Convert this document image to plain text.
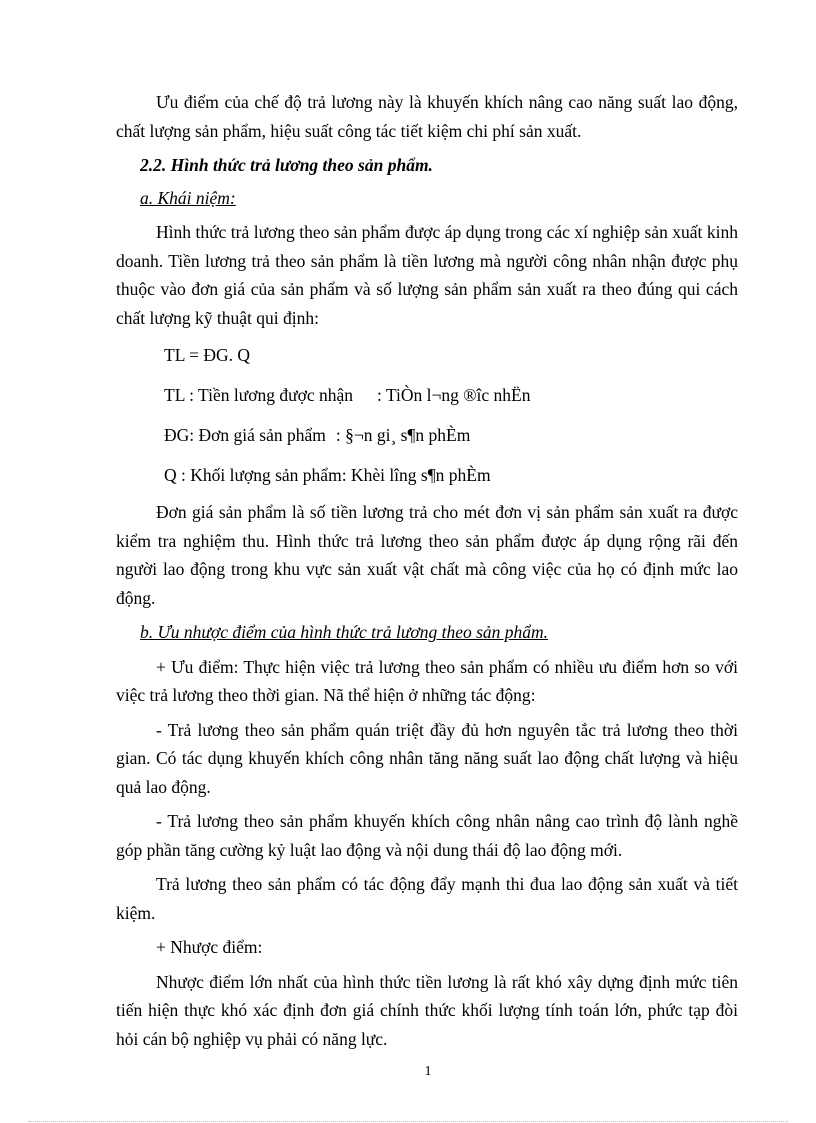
Ưu điểm của chế độ trả lương này là khuyến khích nâng cao năng suất lao động, chất lượng sản phẩm, hiệu suất công tác tiết kiệm chi phí sản xuất.

2.2. Hình thức trả lương theo sản phẩm.

a. Khái niệm:

Hình thức trả lương theo sản phẩm được áp dụng trong các xí nghiệp sản xuất kinh doanh. Tiền lương trả theo sản phẩm là tiền lương mà người công nhân nhận được phụ thuộc vào đơn giá của sản phẩm và số lượng sản phẩm sản xuất ra theo đúng qui cách chất lượng kỹ thuật qui định:

TL = ĐG. Q
TL : Tiền lương được nhận : TiÒn l¬ng ®îc nhËn
ĐG: Đơn giá sản phẩm : §¬n gi¸ s¶n phÈm
Q : Khối lượng sản phẩm: Khèi lîng s¶n phÈm

Đơn giá sản phẩm là số tiền lương trả cho mét đơn vị sản phẩm sản xuất ra được kiểm tra nghiệm thu. Hình thức trả lương theo sản phẩm được áp dụng rộng rãi đến người lao động trong khu vực sản xuất vật chất mà công việc của họ có định mức lao động.

b. Ưu nhược điểm của hình thức trả lương theo sản phẩm.

+ Ưu điểm: Thực hiện việc trả lương theo sản phẩm có nhiều ưu điểm hơn so với việc trả lương theo thời gian. Nã thể hiện ở những tác động:

- Trả lương theo sản phẩm quán triệt đầy đủ hơn nguyên tắc trả lương theo thời gian. Có tác dụng khuyến khích công nhân tăng năng suất lao động chất lượng và hiệu quả lao động.

- Trả lương theo sản phẩm khuyến khích công nhân nâng cao trình độ lành nghề góp phần tăng cường kỷ luật lao động và nội dung thái độ lao động mới.

Trả lương theo sản phẩm có tác động đẩy mạnh thi đua lao động sản xuất và tiết kiệm.

+ Nhược điểm:

Nhược điểm lớn nhất của hình thức tiền lương là rất khó xây dựng định mức tiên tiến hiện thực khó xác định đơn giá chính thức khối lượng tính toán lớn, phức tạp đòi hỏi cán bộ nghiệp vụ phải có năng lực.

1
